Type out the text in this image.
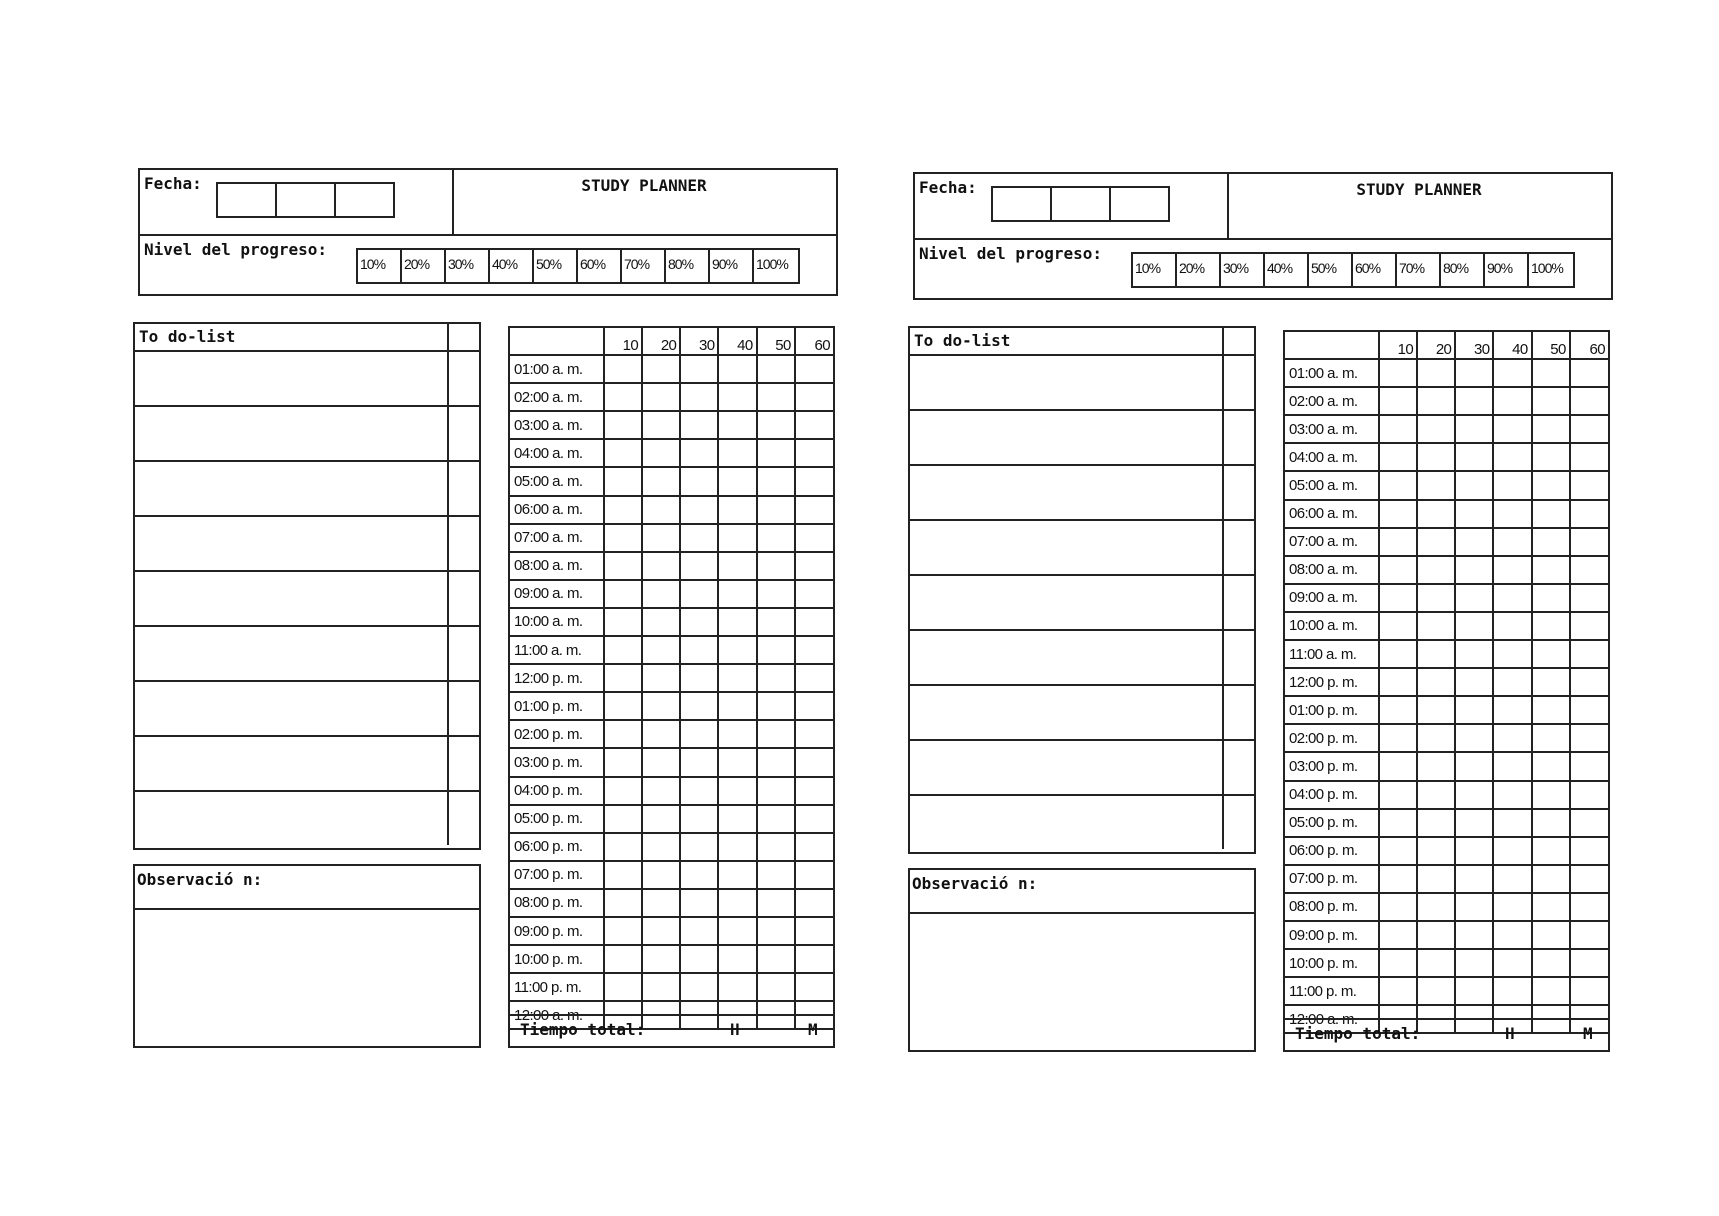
Fecha:	STUDY PLANNER
Nivel del progreso:
10%	20%	30%	40%	50%	60%	70%	80%	90%	100%
To do-list
Observació n:
	10	20	30	40	50	60
01:00 a. m.						
02:00 a. m.						
03:00 a. m.						
04:00 a. m.						
05:00 a. m.						
06:00 a. m.						
07:00 a. m.						
08:00 a. m.						
09:00 a. m.						
10:00 a. m.						
11:00 a. m.						
12:00 p. m.						
01:00 p. m.						
02:00 p. m.						
03:00 p. m.						
04:00 p. m.						
05:00 p. m.						
06:00 p. m.						
07:00 p. m.						
08:00 p. m.						
09:00 p. m.						
10:00 p. m.						
11:00 p. m.						
12:00 a. m.						
Tiempo total:	H	M
Fecha:	STUDY PLANNER
Nivel del progreso:
10%	20%	30%	40%	50%	60%	70%	80%	90%	100%
To do-list
Observació n:
	10	20	30	40	50	60
01:00 a. m.						
02:00 a. m.						
03:00 a. m.						
04:00 a. m.						
05:00 a. m.						
06:00 a. m.						
07:00 a. m.						
08:00 a. m.						
09:00 a. m.						
10:00 a. m.						
11:00 a. m.						
12:00 p. m.						
01:00 p. m.						
02:00 p. m.						
03:00 p. m.						
04:00 p. m.						
05:00 p. m.						
06:00 p. m.						
07:00 p. m.						
08:00 p. m.						
09:00 p. m.						
10:00 p. m.						
11:00 p. m.						
12:00 a. m.						
Tiempo total:	H	M
